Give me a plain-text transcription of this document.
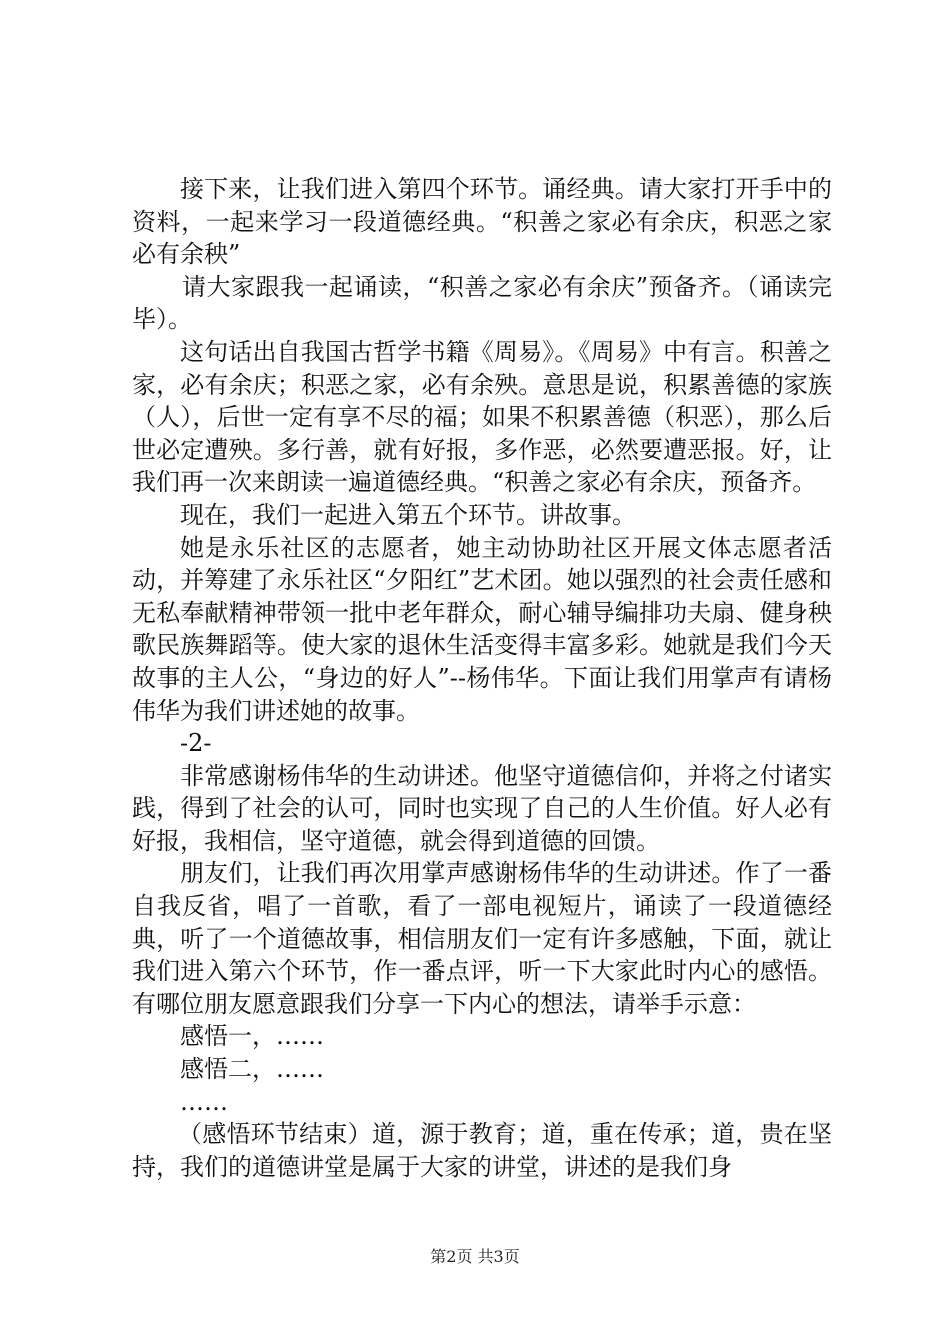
接下来，让我们进入第四个环节。诵经典。请大家打开手中的资料，一起来学习一段道德经典。“积善之家必有余庆，积恶之家必有余秧”

请大家跟我一起诵读，“积善之家必有余庆”预备齐。（诵读完毕）。

这句话出自我国古哲学书籍《周易》。《周易》中有言。积善之家，必有余庆；积恶之家，必有余殃。意思是说，积累善德的家族（人），后世一定有享不尽的福；如果不积累善德（积恶），那么后世必定遭殃。多行善，就有好报，多作恶，必然要遭恶报。好，让我们再一次来朗读一遍道德经典。“积善之家必有余庆，预备齐。

现在，我们一起进入第五个环节。讲故事。

她是永乐社区的志愿者，她主动协助社区开展文体志愿者活动，并筹建了永乐社区“夕阳红”艺术团。她以强烈的社会责任感和无私奉献精神带领一批中老年群众，耐心辅导编排功夫扇、健身秧歌民族舞蹈等。使大家的退休生活变得丰富多彩。她就是我们今天故事的主人公，“身边的好人”--杨伟华。下面让我们用掌声有请杨伟华为我们讲述她的故事。

-2-

非常感谢杨伟华的生动讲述。他坚守道德信仰，并将之付诸实践，得到了社会的认可，同时也实现了自己的人生价值。好人必有好报，我相信，坚守道德，就会得到道德的回馈。

朋友们，让我们再次用掌声感谢杨伟华的生动讲述。作了一番自我反省，唱了一首歌，看了一部电视短片，诵读了一段道德经典，听了一个道德故事，相信朋友们一定有许多感触，下面，就让我们进入第六个环节，作一番点评，听一下大家此时内心的感悟。有哪位朋友愿意跟我们分享一下内心的想法，请举手示意：

感悟一，……

感悟二，……

……

（感悟环节结束）道，源于教育；道，重在传承；道，贵在坚持，我们的道德讲堂是属于大家的讲堂，讲述的是我们身

第2页 共3页
